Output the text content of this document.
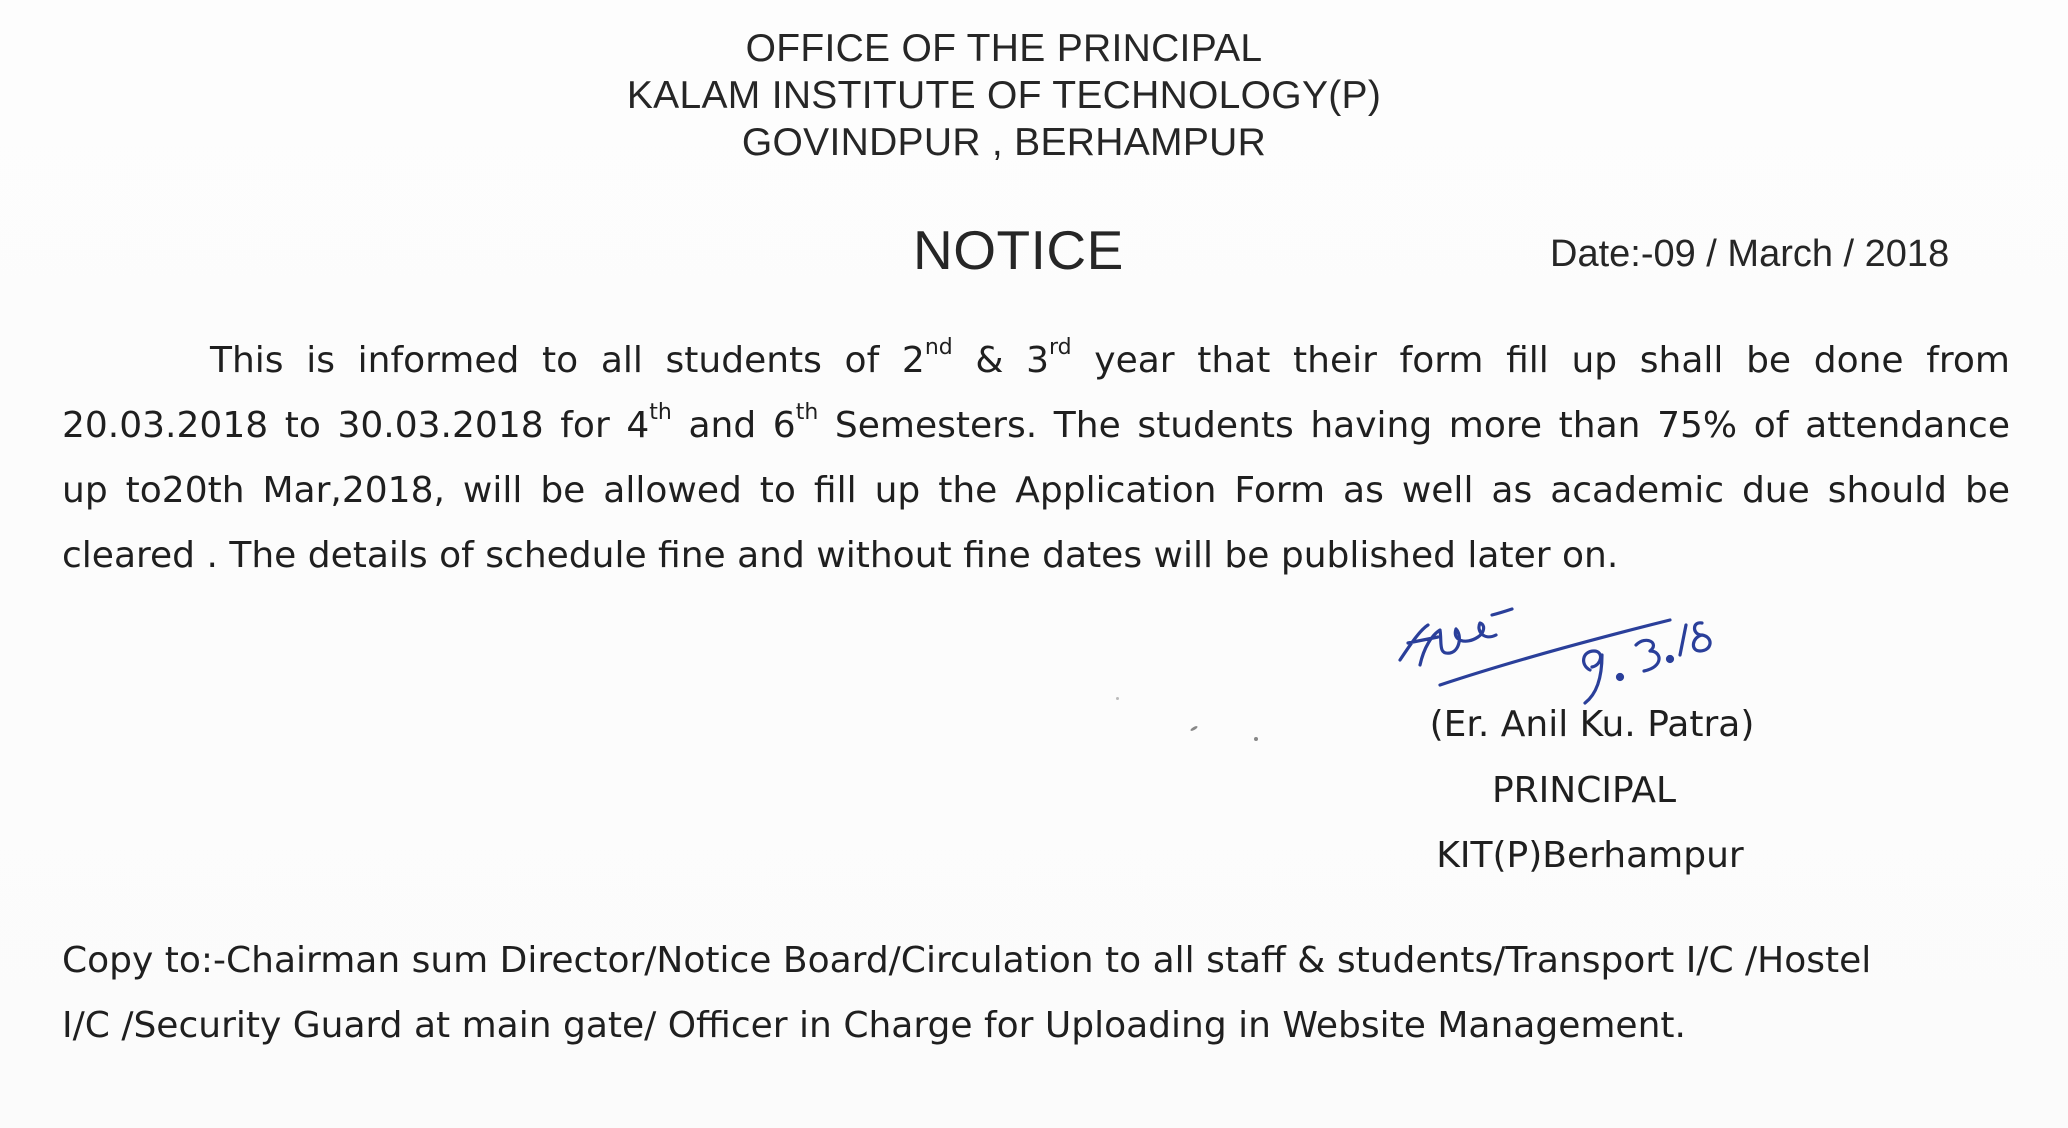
OFFICE OF THE PRINCIPAL
KALAM INSTITUTE OF TECHNOLOGY(P)
GOVINDPUR , BERHAMPUR
NOTICE	Date:-09 / March / 2018
This is informed to all students of 2nd & 3rd year that their form fill up shall be done from
20.03.2018 to 30.03.2018 for 4th and 6th Semesters. The students having more than 75% of attendance
up to20th Mar,2018, will be allowed to fill up the Application Form as well as academic due should be
cleared . The details of schedule fine and without fine dates will be published later on.
(Er. Anil Ku. Patra)
PRINCIPAL
KIT(P)Berhampur
Copy to:-Chairman sum Director/Notice Board/Circulation to all staff & students/Transport I/C /Hostel
I/C /Security Guard at main gate/ Officer in Charge for Uploading in Website Management.
